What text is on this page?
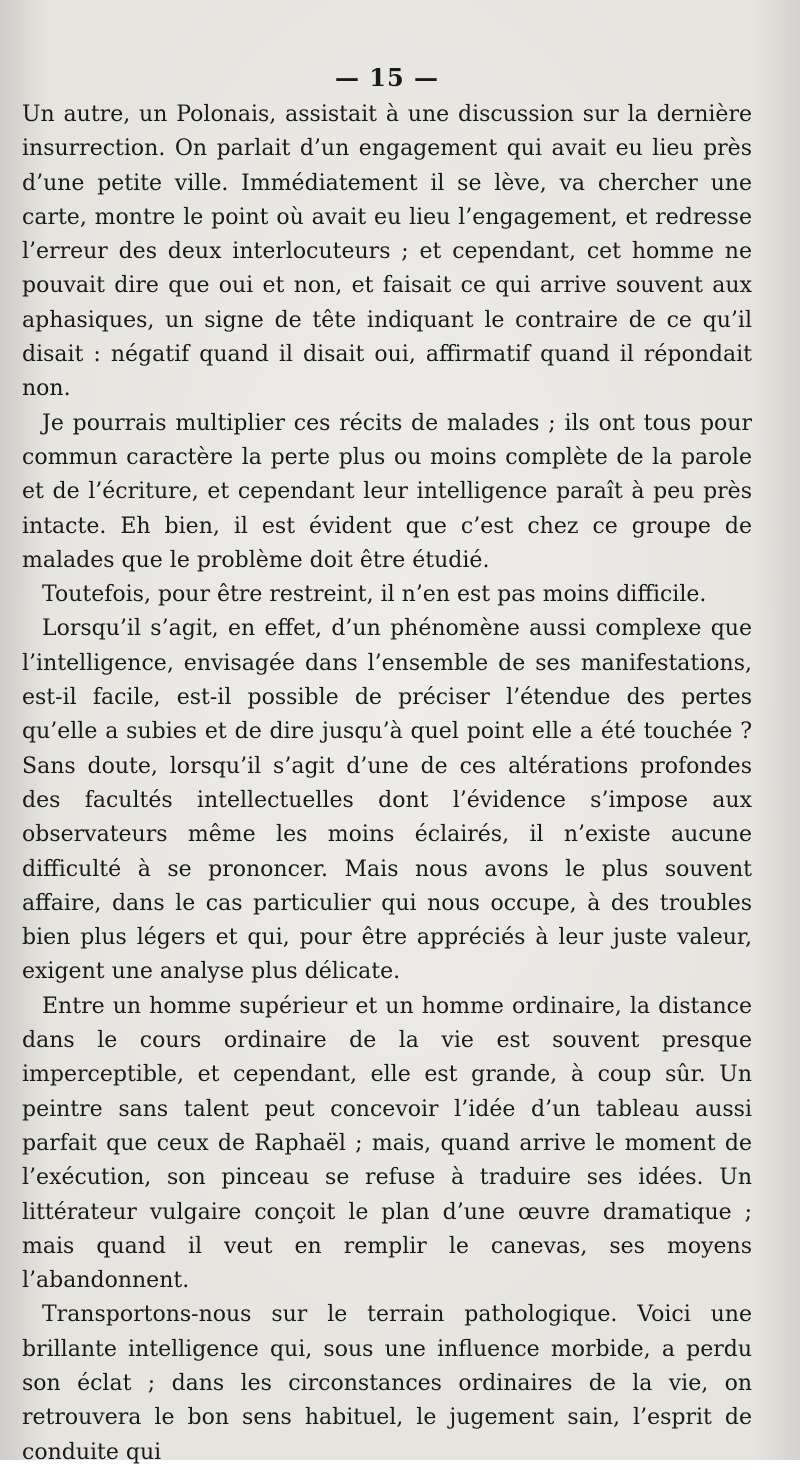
— 15 —

Un autre, un Polonais, assistait à une discussion sur la dernière insurrection. On parlait d’un engagement qui avait eu lieu près d’une petite ville. Immédiatement il se lève, va chercher une carte, montre le point où avait eu lieu l’engagement, et redresse l’erreur des deux interlocuteurs ; et cependant, cet homme ne pouvait dire que oui et non, et faisait ce qui arrive souvent aux aphasiques, un signe de tête indiquant le contraire de ce qu’il disait : négatif quand il disait oui, affirmatif quand il répondait non.

Je pourrais multiplier ces récits de malades ; ils ont tous pour commun caractère la perte plus ou moins complète de la parole et de l’écriture, et cependant leur intelligence paraît à peu près intacte. Eh bien, il est évident que c’est chez ce groupe de malades que le problème doit être étudié.

Toutefois, pour être restreint, il n’en est pas moins difficile.

Lorsqu’il s’agit, en effet, d’un phénomène aussi complexe que l’intelligence, envisagée dans l’ensemble de ses manifestations, est-il facile, est-il possible de préciser l’étendue des pertes qu’elle a subies et de dire jusqu’à quel point elle a été touchée ? Sans doute, lorsqu’il s’agit d’une de ces altérations profondes des facultés intellectuelles dont l’évidence s’impose aux observateurs même les moins éclairés, il n’existe aucune difficulté à se prononcer. Mais nous avons le plus souvent affaire, dans le cas particulier qui nous occupe, à des troubles bien plus légers et qui, pour être appréciés à leur juste valeur, exigent une analyse plus délicate.

Entre un homme supérieur et un homme ordinaire, la distance dans le cours ordinaire de la vie est souvent presque imperceptible, et cependant, elle est grande, à coup sûr. Un peintre sans talent peut concevoir l’idée d’un tableau aussi parfait que ceux de Raphaël ; mais, quand arrive le moment de l’exécution, son pinceau se refuse à traduire ses idées. Un littérateur vulgaire conçoit le plan d’une œuvre dramatique ; mais quand il veut en remplir le canevas, ses moyens l’abandonnent.

Transportons-nous sur le terrain pathologique. Voici une brillante intelligence qui, sous une influence morbide, a perdu son éclat ; dans les circonstances ordinaires de la vie, on retrouvera le bon sens habituel, le jugement sain, l’esprit de conduite qui
